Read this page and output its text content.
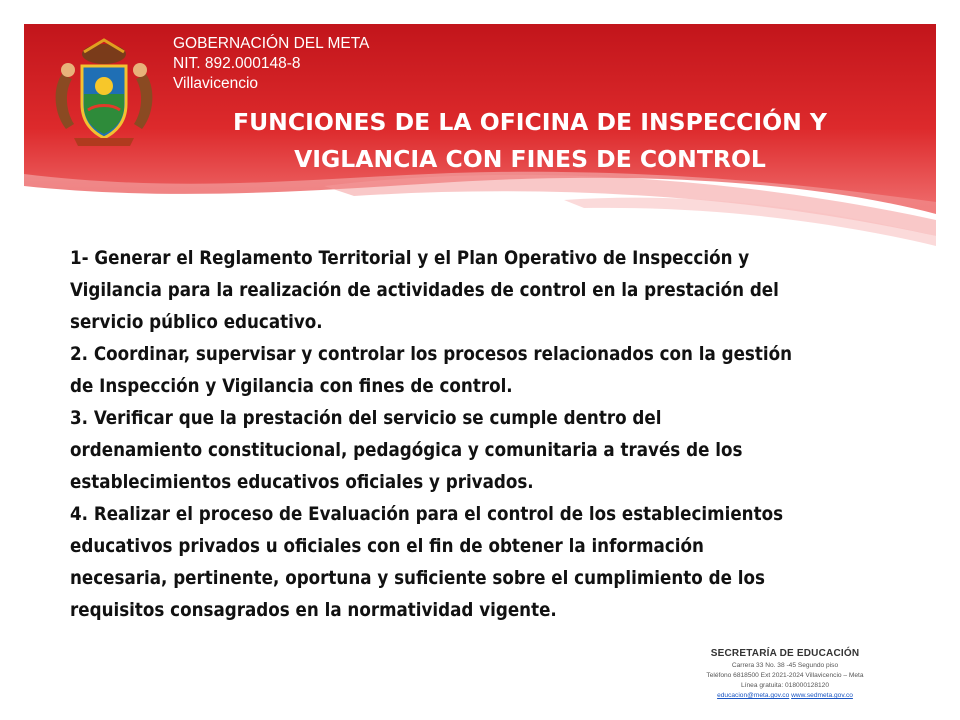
GOBERNACIÓN DEL META
NIT. 892.000148-8
Villavicencio
FUNCIONES DE LA OFICINA DE INSPECCIÓN Y
VIGLANCIA CON FINES DE CONTROL

1- Generar el Reglamento Territorial y el Plan Operativo de Inspección y
Vigilancia para la realización de actividades de control en la prestación del
servicio público educativo.

2. Coordinar, supervisar y controlar los procesos relacionados con la gestión
de Inspección y Vigilancia con fines de control.

3. Verificar que la prestación del servicio se cumple dentro del
ordenamiento constitucional, pedagógica y comunitaria a través de los
establecimientos educativos oficiales y privados.

4. Realizar el proceso de Evaluación para el control de los establecimientos
educativos privados u oficiales con el fin de obtener la información
necesaria, pertinente, oportuna y suficiente sobre el cumplimiento de los
requisitos consagrados en la normatividad vigente.

SECRETARÍA DE EDUCACIÓN
Carrera 33 No. 38 -45 Segundo piso
Teléfono 6818500 Ext 2021-2024 Villavicencio – Meta
Línea gratuita: 018000128120
educacion@meta.gov.co www.sedmeta.gov.co
